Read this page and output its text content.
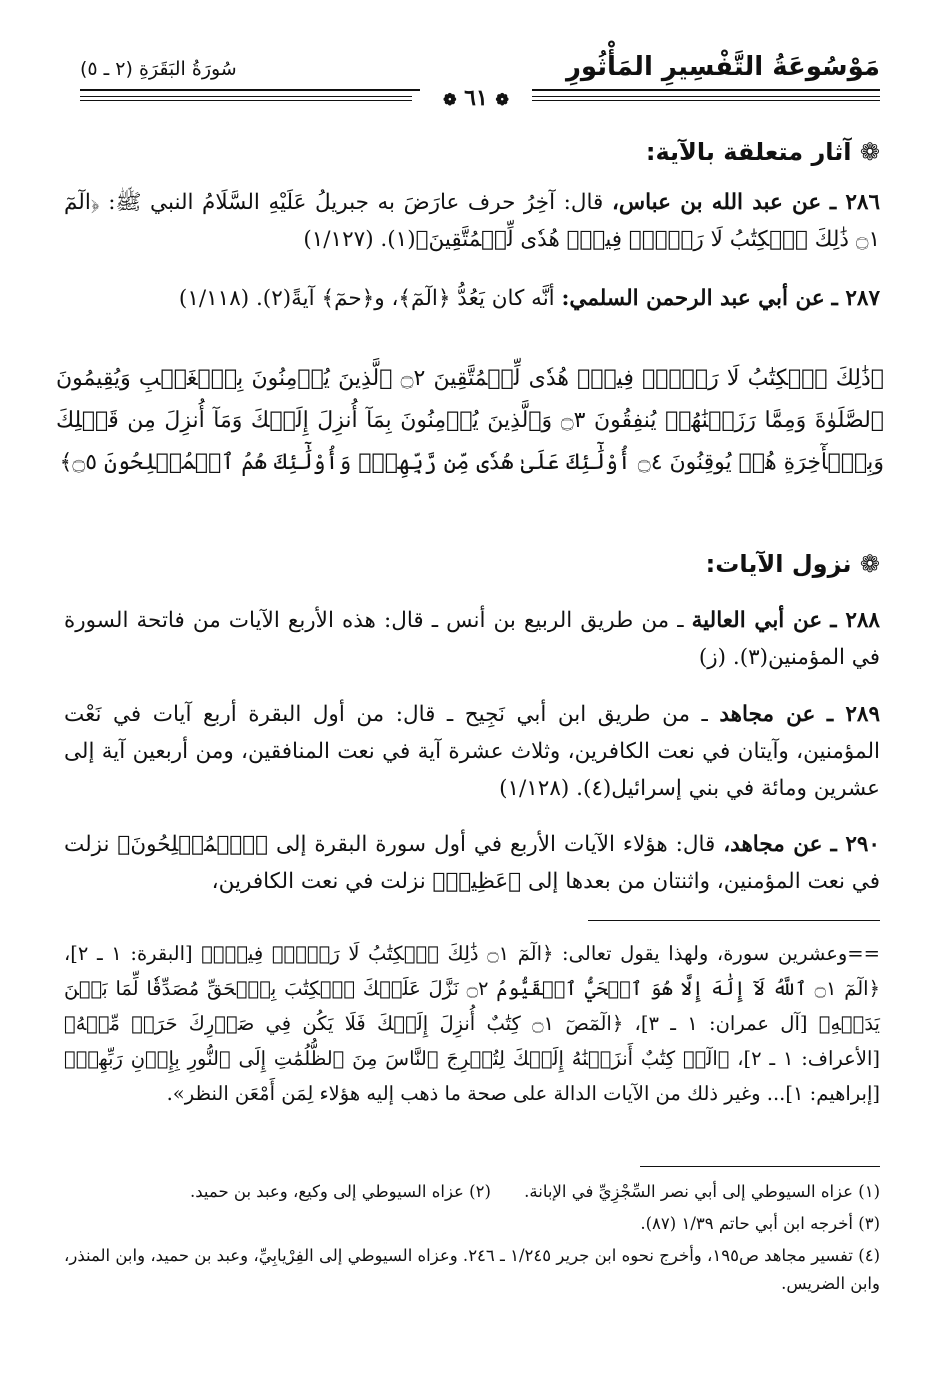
مَوْسُوعَةُ التَّفْسِيرِ المَأْثُورِ
سُورَةُ البَقَرَةِ (٢ ـ ٥)
❁ ٦١ ❁
❁ آثار متعلقة بالآية:
٢٨٦ ـ عن عبد الله بن عباس، قال: آخِرُ حرف عارَضَ به جبريلُ عَلَيْهِ السَّلَامُ النبي ﷺ: ﴿الٓمٓ ۝١ ذَٰلِكَ ٱلۡكِتَٰبُ لَا رَيۡبَۛ فِيهِۛ هُدٗى لِّلۡمُتَّقِينَ﴾(١). (١/١٢٧)
٢٨٧ ـ عن أبي عبد الرحمن السلمي: أنَّه كان يَعُدُّ ﴿الٓمٓ﴾، و﴿حمٓ﴾ آيةً(٢). (١/١١٨)
﴿ذَٰلِكَ ٱلۡكِتَٰبُ لَا رَيۡبَۛ فِيهِۛ هُدٗى لِّلۡمُتَّقِينَ ۝٢ ٱلَّذِينَ يُؤۡمِنُونَ بِٱلۡغَيۡبِ وَيُقِيمُونَ ٱلصَّلَوٰةَ وَمِمَّا رَزَقۡنَٰهُمۡ يُنفِقُونَ ۝٣ وَٱلَّذِينَ يُؤۡمِنُونَ بِمَآ أُنزِلَ إِلَيۡكَ وَمَآ أُنزِلَ مِن قَبۡلِكَ وَبِٱلۡأٓخِرَةِ هُمۡ يُوقِنُونَ ۝٤ أُوْلَٰٓئِكَ عَلَىٰ هُدٗى مِّن رَّبِّهِمۡۖ وَأُوْلَٰٓئِكَ هُمُ ٱلۡمُفۡلِحُونَ ۝٥﴾
❁ نزول الآيات:
٢٨٨ ـ عن أبي العالية ـ من طريق الربيع بن أنس ـ قال: هذه الأربع الآيات من فاتحة السورة في المؤمنين(٣). (ز)
٢٨٩ ـ عن مجاهد ـ من طريق ابن أبي نَجِيح ـ قال: من أول البقرة أربع آيات في نَعْت المؤمنين، وآيتان في نعت الكافرين، وثلاث عشرة آية في نعت المنافقين، ومن أربعين آية إلى عشرين ومائة في بني إسرائيل(٤). (١/١٢٨)
٢٩٠ ـ عن مجاهد، قال: هؤلاء الآيات الأربع في أول سورة البقرة إلى ﴿ٱلۡمُفۡلِحُونَ﴾ نزلت في نعت المؤمنين، واثنتان من بعدها إلى ﴿عَظِيمٞ﴾ نزلت في نعت الكافرين،
==وعشرين سورة، ولهذا يقول تعالى: ﴿الٓمٓ ۝١ ذَٰلِكَ ٱلۡكِتَٰبُ لَا رَيۡبَۛ فِيهِۛ﴾ [البقرة: ١ ـ ٢]، ﴿الٓمٓ ۝١ ٱللَّهُ لَآ إِلَٰهَ إِلَّا هُوَ ٱلۡحَيُّ ٱلۡقَيُّومُ ۝٢ نَزَّلَ عَلَيۡكَ ٱلۡكِتَٰبَ بِٱلۡحَقِّ مُصَدِّقٗا لِّمَا بَيۡنَ يَدَيۡهِ﴾ [آل عمران: ١ ـ ٣]، ﴿الٓمٓصٓ ۝١ كِتَٰبٌ أُنزِلَ إِلَيۡكَ فَلَا يَكُن فِي صَدۡرِكَ حَرَجٞ مِّنۡهُ﴾ [الأعراف: ١ ـ ٢]، ﴿الٓرۚ كِتَٰبٌ أَنزَلۡنَٰهُ إِلَيۡكَ لِتُخۡرِجَ ٱلنَّاسَ مِنَ ٱلظُّلُمَٰتِ إِلَى ٱلنُّورِ بِإِذۡنِ رَبِّهِمۡ﴾ [إبراهيم: ١]... وغير ذلك من الآيات الدالة على صحة ما ذهب إليه هؤلاء لِمَن أَمْعَن النظر».
(١) عزاه السيوطي إلى أبي نصر السِّجْزِيِّ في الإبانة. (٢) عزاه السيوطي إلى وكيع، وعبد بن حميد.
(٣) أخرجه ابن أبي حاتم ١/٣٩ (٨٧).
(٤) تفسير مجاهد ص١٩٥، وأخرج نحوه ابن جرير ١/٢٤٥ ـ ٢٤٦. وعزاه السيوطي إلى الفِرْيابِيِّ، وعبد بن حميد، وابن المنذر، وابن الضريس.
